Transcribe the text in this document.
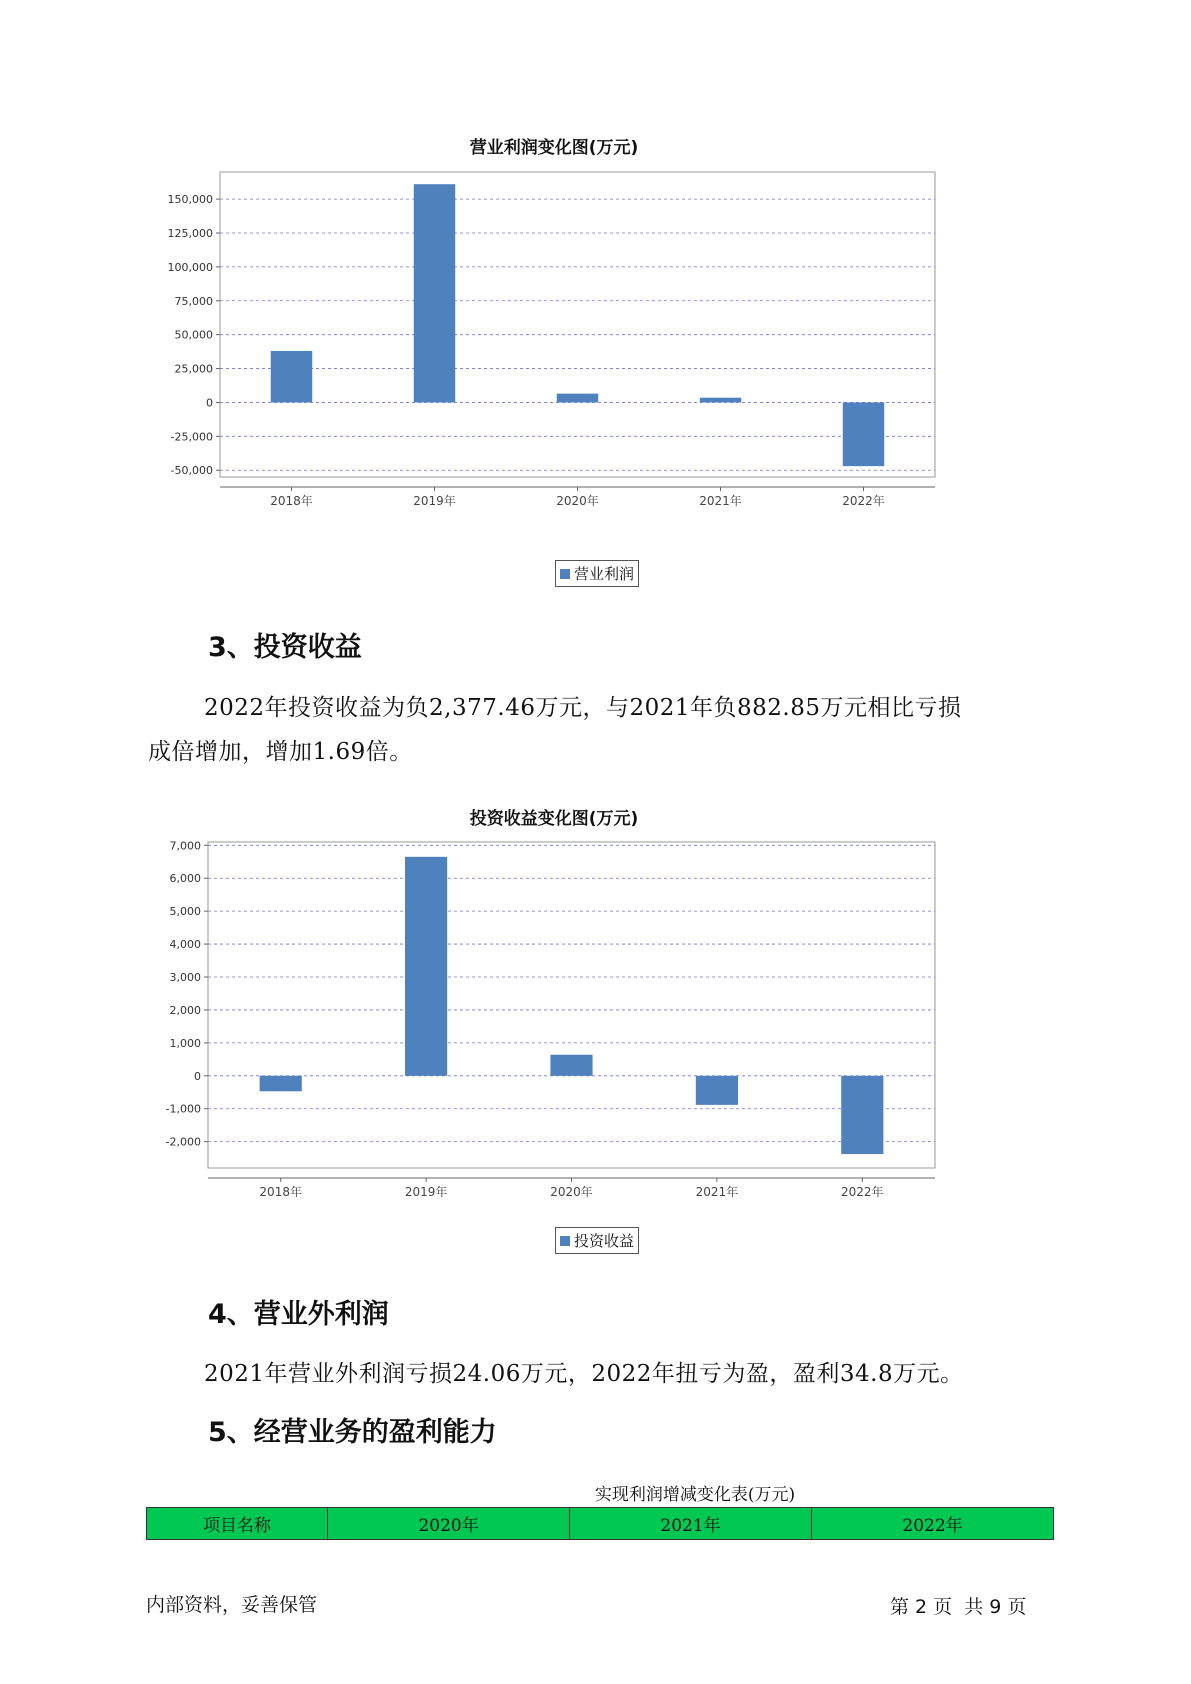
营业利润变化图(万元)
150,000
125,000
100,000
75,000
50,000
25,000
0
-25,000
-50,000
2018年	2019年	2020年	2021年	2022年
营业利润
3、投资收益
2022年投资收益为负2,377.46万元，与2021年负882.85万元相比亏损
成倍增加，增加1.69倍。
投资收益变化图(万元)
7,000
6,000
5,000
4,000
3,000
2,000
1,000
0
-1,000
-2,000
2018年	2019年	2020年	2021年	2022年
投资收益
4、营业外利润
2021年营业外利润亏损24.06万元，2022年扭亏为盈，盈利34.8万元。
5、经营业务的盈利能力
实现利润增减变化表(万元)
项目名称	2020年	2021年	2022年
内部资料，妥善保管	第 2 页  共 9 页
